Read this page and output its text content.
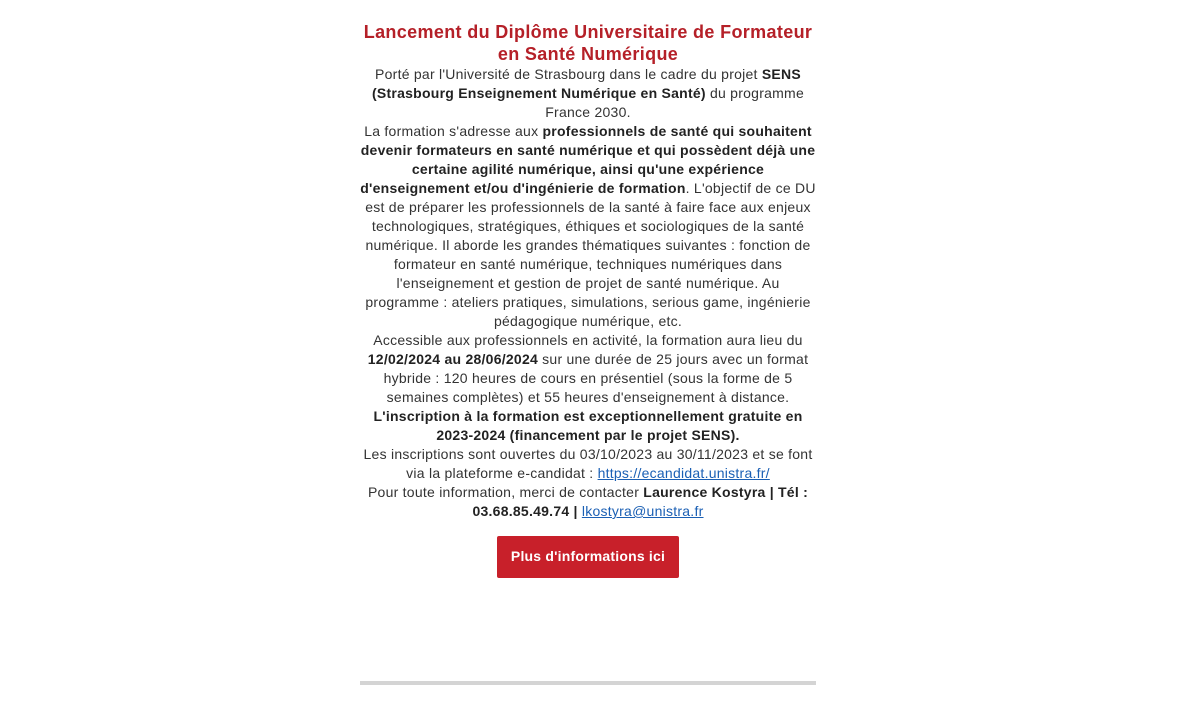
Lancement du Diplôme Universitaire de Formateur en Santé Numérique

Porté par l'Université de Strasbourg dans le cadre du projet SENS (Strasbourg Enseignement Numérique en Santé) du programme France 2030.

La formation s'adresse aux professionnels de santé qui souhaitent devenir formateurs en santé numérique et qui possèdent déjà une certaine agilité numérique, ainsi qu'une expérience d'enseignement et/ou d'ingénierie de formation. L'objectif de ce DU est de préparer les professionnels de la santé à faire face aux enjeux technologiques, stratégiques, éthiques et sociologiques de la santé numérique. Il aborde les grandes thématiques suivantes : fonction de formateur en santé numérique, techniques numériques dans l'enseignement et gestion de projet de santé numérique. Au programme : ateliers pratiques, simulations, serious game, ingénierie pédagogique numérique, etc.

Accessible aux professionnels en activité, la formation aura lieu du 12/02/2024 au 28/06/2024 sur une durée de 25 jours avec un format hybride : 120 heures de cours en présentiel (sous la forme de 5 semaines complètes) et 55 heures d'enseignement à distance. L'inscription à la formation est exceptionnellement gratuite en 2023-2024 (financement par le projet SENS).

Les inscriptions sont ouvertes du 03/10/2023 au 30/11/2023 et se font via la plateforme e-candidat : https://ecandidat.unistra.fr/

Pour toute information, merci de contacter Laurence Kostyra | Tél : 03.68.85.49.74 | lkostyra@unistra.fr

Plus d'informations ici
